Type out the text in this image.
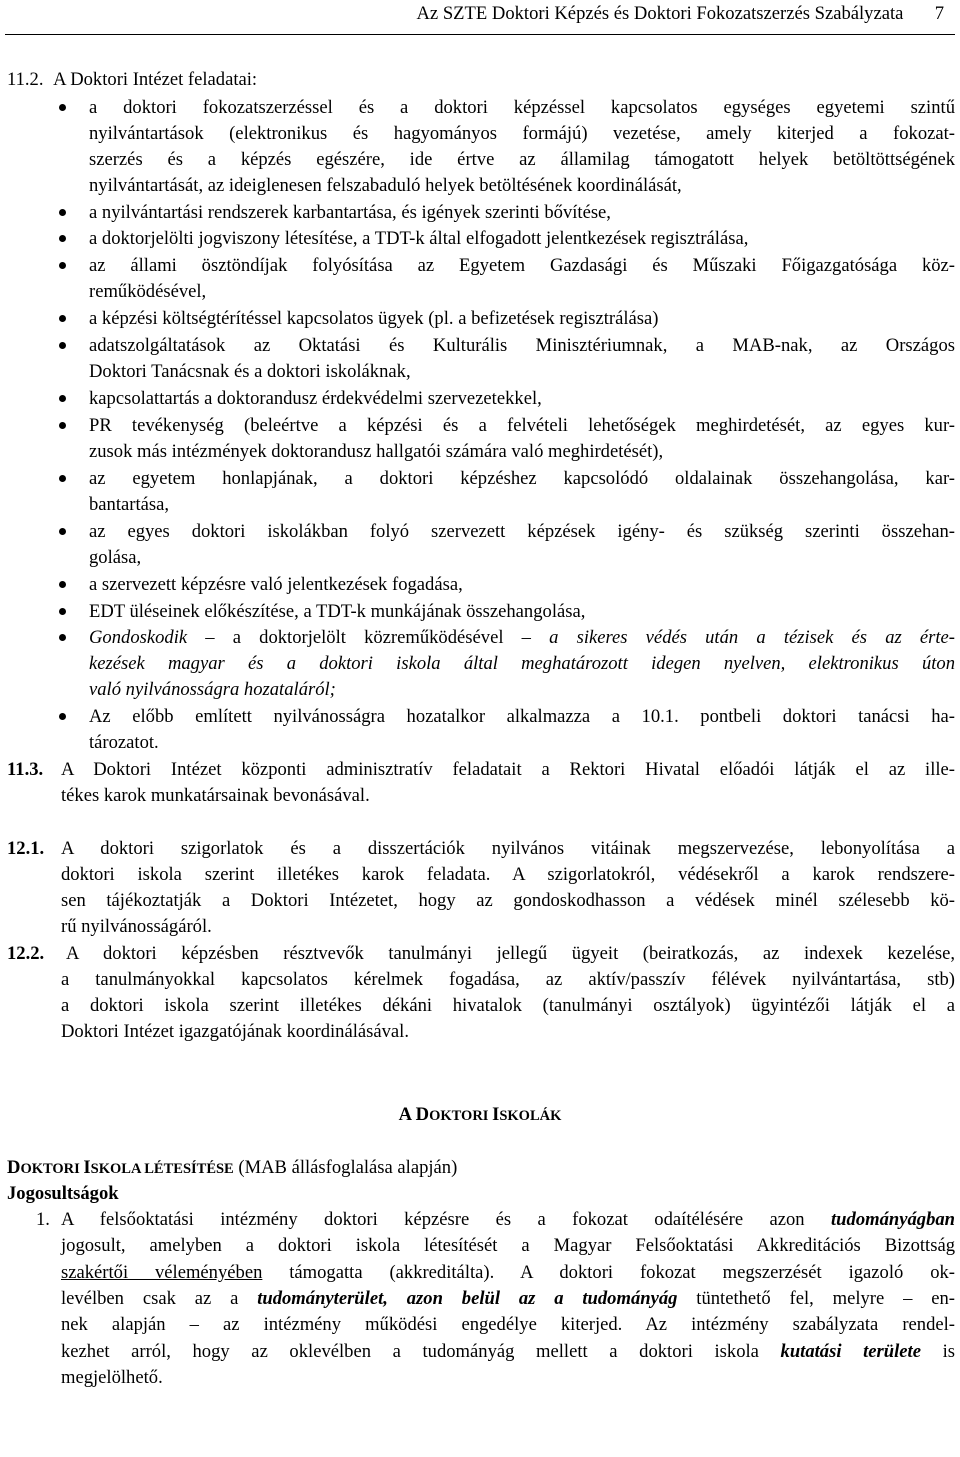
Az SZTE Doktori Képzés és Doktori Fokozatszerzés Szabályzata 7
11.2. A Doktori Intézet feladatai:
a doktori fokozatszerzéssel és a doktori képzéssel kapcsolatos egységes egyetemi szintű
nyilvántartások (elektronikus és hagyományos formájú) vezetése, amely kiterjed a fokozat-
szerzés és a képzés egészére, ide értve az államilag támogatott helyek betöltöttségének
nyilvántartását, az ideiglenesen felszabaduló helyek betöltésének koordinálását,
a nyilvántartási rendszerek karbantartása, és igények szerinti bővítése,
a doktorjelölti jogviszony létesítése, a TDT-k által elfogadott jelentkezések regisztrálása,
az állami ösztöndíjak folyósítása az Egyetem Gazdasági és Műszaki Főigazgatósága köz-
reműködésével,
a képzési költségtérítéssel kapcsolatos ügyek (pl. a befizetések regisztrálása)
adatszolgáltatások az Oktatási és Kulturális Minisztériumnak, a MAB-nak, az Országos
Doktori Tanácsnak és a doktori iskoláknak,
kapcsolattartás a doktorandusz érdekvédelmi szervezetekkel,
PR tevékenység (beleértve a képzési és a felvételi lehetőségek meghirdetését, az egyes kur-
zusok más intézmények doktorandusz hallgatói számára való meghirdetését),
az egyetem honlapjának, a doktori képzéshez kapcsolódó oldalainak összehangolása, kar-
bantartása,
az egyes doktori iskolákban folyó szervezett képzések igény- és szükség szerinti összehan-
golása,
a szervezett képzésre való jelentkezések fogadása,
EDT üléseinek előkészítése, a TDT-k munkájának összehangolása,
Gondoskodik – a doktorjelölt közreműködésével – a sikeres védés után a tézisek és az érte-
kezések magyar és a doktori iskola által meghatározott idegen nyelven, elektronikus úton
való nyilvánosságra hozataláról;
Az előbb említett nyilvánosságra hozatalkor alkalmazza a 10.1. pontbeli doktori tanácsi ha-
tározatot.
11.3. A Doktori Intézet központi adminisztratív feladatait a Rektori Hivatal előadói látják el az ille-
tékes karok munkatársainak bevonásával.
12.1. A doktori szigorlatok és a disszertációk nyilvános vitáinak megszervezése, lebonyolítása a
doktori iskola szerint illetékes karok feladata. A szigorlatokról, védésekről a karok rendszere-
sen tájékoztatják a Doktori Intézetet, hogy az gondoskodhasson a védések minél szélesebb kö-
rű nyilvánosságáról.
12.2. A doktori képzésben résztvevők tanulmányi jellegű ügyeit (beiratkozás, az indexek kezelése,
a tanulmányokkal kapcsolatos kérelmek fogadása, az aktív/passzív félévek nyilvántartása, stb)
a doktori iskola szerint illetékes dékáni hivatalok (tanulmányi osztályok) ügyintézői látják el a
Doktori Intézet igazgatójának koordinálásával.
A DOKTORI ISKOLÁK
DOKTORI ISKOLA LÉTESÍTÉSE (MAB állásfoglalása alapján)
Jogosultságok
1. A felsőoktatási intézmény doktori képzésre és a fokozat odaítélésére azon tudományágban
jogosult, amelyben a doktori iskola létesítését a Magyar Felsőoktatási Akkreditációs Bizottság
szakértői véleményében támogatta (akkreditálta). A doktori fokozat megszerzését igazoló ok-
levélben csak az a tudományterület, azon belül az a tudományág tüntethető fel, melyre – en-
nek alapján – az intézmény működési engedélye kiterjed. Az intézmény szabályzata rendel-
kezhet arról, hogy az oklevélben a tudományág mellett a doktori iskola kutatási területe is
megjelölhető.
